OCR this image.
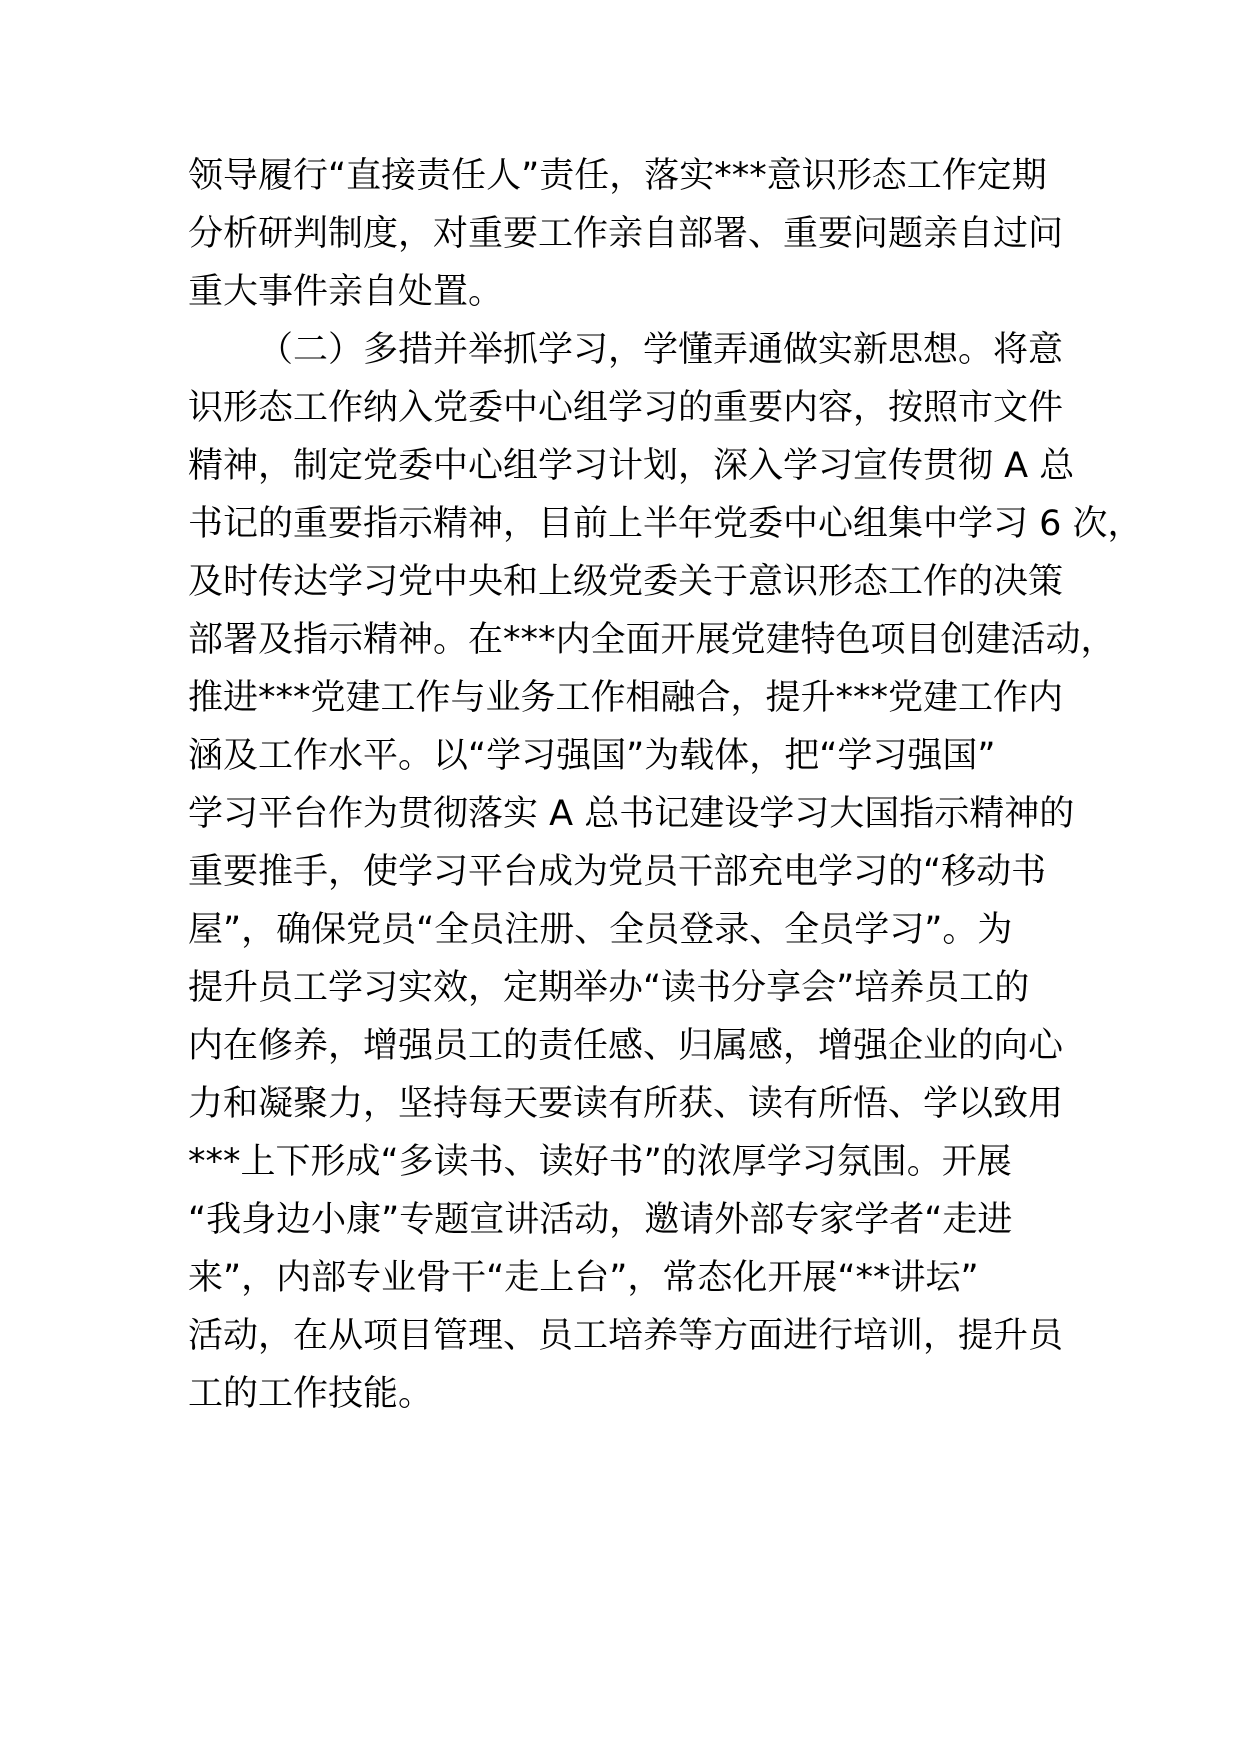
领导履行“直接责任人”责任，落实***意识形态工作定期
分析研判制度，对重要工作亲自部署、重要问题亲自过问
重大事件亲自处置。
（二）多措并举抓学习，学懂弄通做实新思想。将意
识形态工作纳入党委中心组学习的重要内容，按照市文件
精神，制定党委中心组学习计划，深入学习宣传贯彻 A 总
书记的重要指示精神，目前上半年党委中心组集中学习 6 次，
及时传达学习党中央和上级党委关于意识形态工作的决策
部署及指示精神。在***内全面开展党建特色项目创建活动，
推进***党建工作与业务工作相融合，提升***党建工作内
涵及工作水平。以“学习强国”为载体，把“学习强国”
学习平台作为贯彻落实 A 总书记建设学习大国指示精神的
重要推手，使学习平台成为党员干部充电学习的“移动书
屋”，确保党员“全员注册、全员登录、全员学习”。为
提升员工学习实效，定期举办“读书分享会”培养员工的
内在修养，增强员工的责任感、归属感，增强企业的向心
力和凝聚力，坚持每天要读有所获、读有所悟、学以致用
***上下形成“多读书、读好书”的浓厚学习氛围。开展
“我身边小康”专题宣讲活动，邀请外部专家学者“走进
来”，内部专业骨干“走上台”，常态化开展“**讲坛”
活动，在从项目管理、员工培养等方面进行培训，提升员
工的工作技能。
